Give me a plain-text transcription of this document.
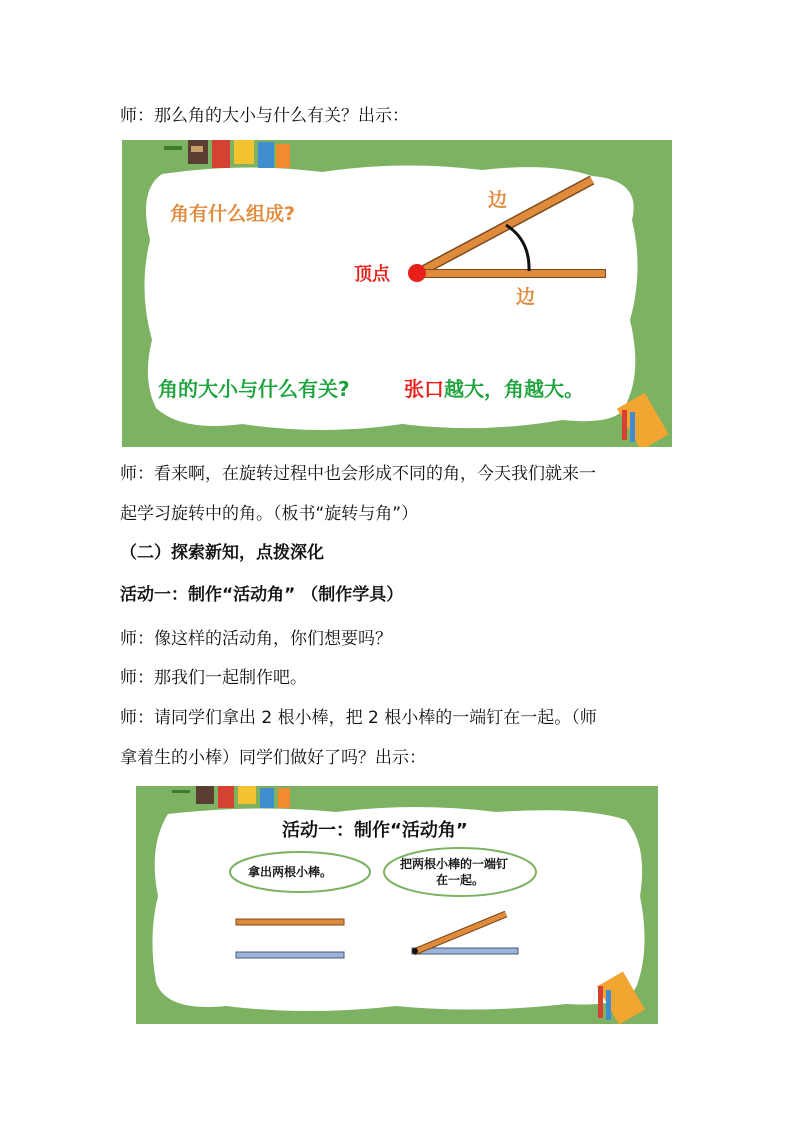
师：那么角的大小与什么有关？出示：
角有什么组成?
边
边
顶点
角的大小与什么有关?	张口越大，角越大。
师：看来啊，在旋转过程中也会形成不同的角，今天我们就来一
起学习旋转中的角。（板书“旋转与角”）
（二）探索新知，点拨深化
活动一：制作“活动角” （制作学具）
师：像这样的活动角，你们想要吗？
师：那我们一起制作吧。
师：请同学们拿出 2 根小棒，把 2 根小棒的一端钉在一起。（师
拿着生的小棒）同学们做好了吗？出示：
活动一：制作“活动角”
拿出两根小棒。
把两根小棒的一端钉
在一起。
